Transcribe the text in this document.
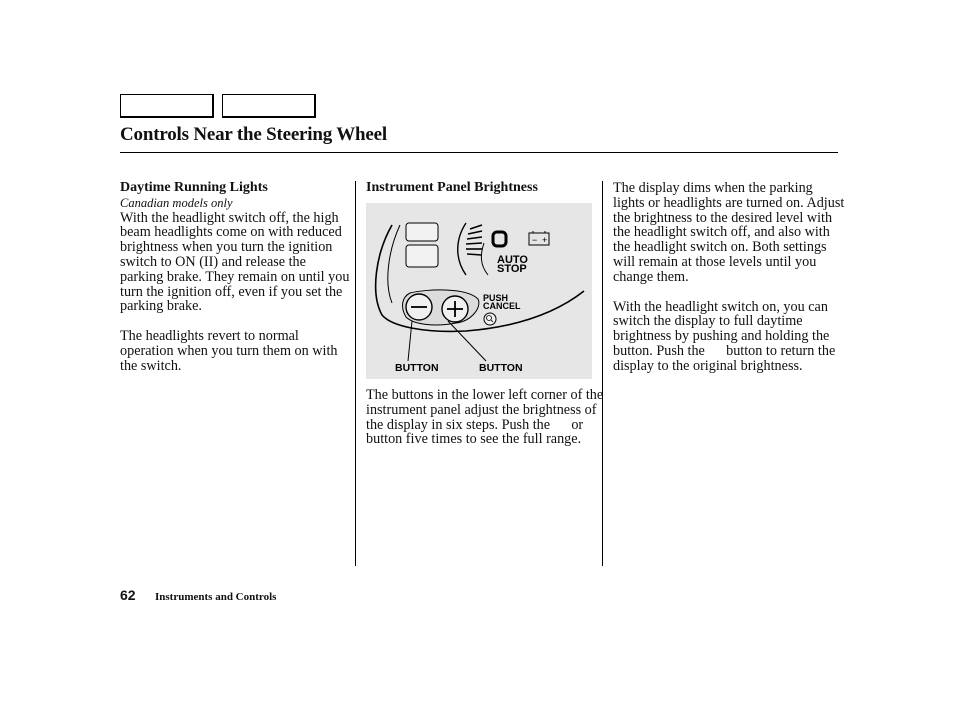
Controls Near the Steering Wheel

Daytime Running Lights

Canadian models only

With the headlight switch off, the high beam headlights come on with reduced brightness when you turn the ignition switch to ON (II) and release the parking brake. They remain on until you turn the ignition off, even if you set the parking brake.

The headlights revert to normal operation when you turn them on with the switch.

Instrument Panel Brightness

− +
AUTO
STOP
PUSH
CANCEL
BUTTON	BUTTON

The buttons in the lower left corner of the instrument panel adjust the brightness of the display in six steps. Push the      or      button five times to see the full range.

The display dims when the parking lights or headlights are turned on. Adjust the brightness to the desired level with the headlight switch off, and also with the headlight switch on. Both settings will remain at those levels until you change them.

With the headlight switch on, you can switch the display to full daytime brightness by pushing and holding the      button. Push the      button to return the display to the original brightness.

62 Instruments and Controls
